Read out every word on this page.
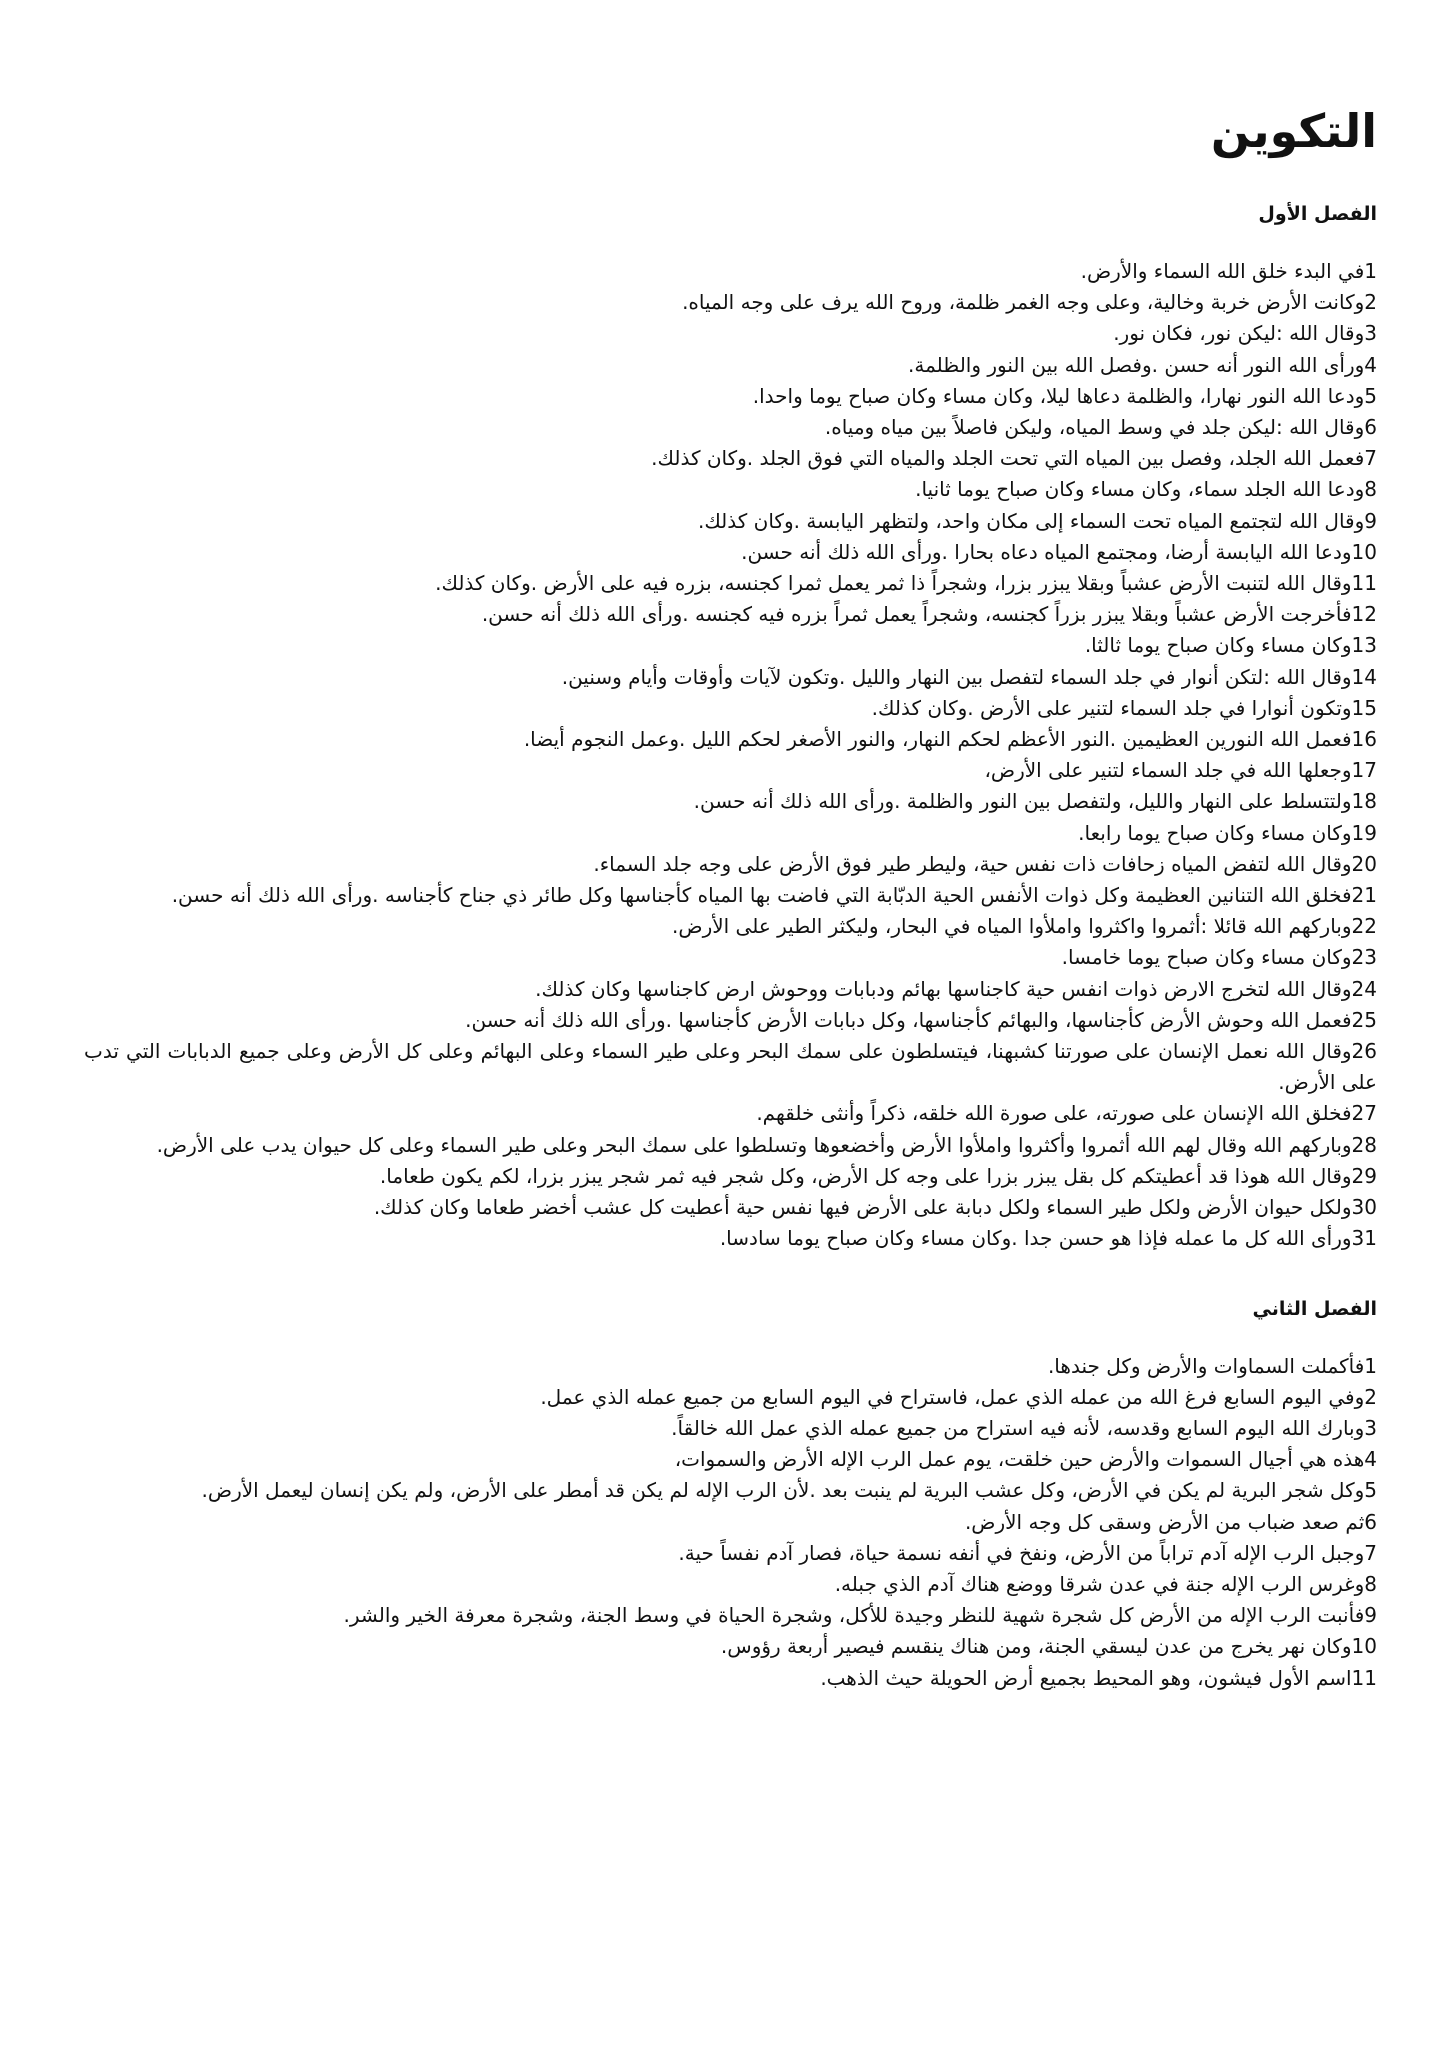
التكوين
الفصل الأول
1في البدء خلق الله السماء والأرض.
2وكانت الأرض خربة وخالية، وعلى وجه الغمر ظلمة، وروح الله يرف على وجه المياه.
3وقال الله :ليكن نور، فكان نور.
4ورأى الله النور أنه حسن .وفصل الله بين النور والظلمة.
5ودعا الله النور نهارا، والظلمة دعاها ليلا، وكان مساء وكان صباح يوما واحدا.
6وقال الله :ليكن جلد في وسط المياه، وليكن فاصلاً بين مياه ومياه.
7فعمل الله الجلد، وفصل بين المياه التي تحت الجلد والمياه التي فوق الجلد .وكان كذلك.
8ودعا الله الجلد سماء، وكان مساء وكان صباح يوما ثانيا.
9وقال الله لتجتمع المياه تحت السماء إلى مكان واحد، ولتظهر اليابسة .وكان كذلك.
10ودعا الله اليابسة أرضا، ومجتمع المياه دعاه بحارا .ورأى الله ذلك أنه حسن.
11وقال الله لتنبت الأرض عشباً وبقلا يبزر بزرا، وشجراً ذا ثمر يعمل ثمرا كجنسه، بزره فيه على الأرض .وكان كذلك.
12فأخرجت الأرض عشباً وبقلا يبزر بزراً كجنسه، وشجراً يعمل ثمراً بزره فيه كجنسه .ورأى الله ذلك أنه حسن.
13وكان مساء وكان صباح يوما ثالثا.
14وقال الله :لتكن أنوار في جلد السماء لتفصل بين النهار والليل .وتكون لآيات وأوقات وأيام وسنين.
15وتكون أنوارا في جلد السماء لتنير على الأرض .وكان كذلك.
16فعمل الله النورين العظيمين .النور الأعظم لحكم النهار، والنور الأصغر لحكم الليل .وعمل النجوم أيضا.
17وجعلها الله في جلد السماء لتنير على الأرض،
18ولتتسلط على النهار والليل، ولتفصل بين النور والظلمة .ورأى الله ذلك أنه حسن.
19وكان مساء وكان صباح يوما رابعا.
20وقال الله لتفض المياه زحافات ذات نفس حية، وليطر طير فوق الأرض على وجه جلد السماء.
21فخلق الله التنانين العظيمة وكل ذوات الأنفس الحية الدبّابة التي فاضت بها المياه كأجناسها وكل طائر ذي جناح كأجناسه .ورأى الله ذلك أنه حسن.
22وباركهم الله قائلا :أثمروا واكثروا واملأوا المياه في البحار، وليكثر الطير على الأرض.
23وكان مساء وكان صباح يوما خامسا.
24وقال الله لتخرج الارض ذوات انفس حية كاجناسها بهائم ودبابات ووحوش ارض كاجناسها وكان كذلك.
25فعمل الله وحوش الأرض كأجناسها، والبهائم كأجناسها، وكل دبابات الأرض كأجناسها .ورأى الله ذلك أنه حسن.
26وقال الله نعمل الإنسان على صورتنا كشبهنا، فيتسلطون على سمك البحر وعلى طير السماء وعلى البهائم وعلى كل الأرض وعلى جميع الدبابات التي تدب على الأرض.
27فخلق الله الإنسان على صورته، على صورة الله خلقه، ذكراً وأنثى خلقهم.
28وباركهم الله وقال لهم الله أثمروا وأكثروا واملأوا الأرض وأخضعوها وتسلطوا على سمك البحر وعلى طير السماء وعلى كل حيوان يدب على الأرض.
29وقال الله هوذا قد أعطيتكم كل بقل يبزر بزرا على وجه كل الأرض، وكل شجر فيه ثمر شجر يبزر بزرا، لكم يكون طعاما.
30ولكل حيوان الأرض ولكل طير السماء ولكل دبابة على الأرض فيها نفس حية أعطيت كل عشب أخضر طعاما وكان كذلك.
31ورأى الله كل ما عمله فإذا هو حسن جدا .وكان مساء وكان صباح يوما سادسا.
الفصل الثاني
1فأكملت السماوات والأرض وكل جندها.
2وفي اليوم السابع فرغ الله من عمله الذي عمل، فاستراح في اليوم السابع من جميع عمله الذي عمل.
3وبارك الله اليوم السابع وقدسه، لأنه فيه استراح من جميع عمله الذي عمل الله خالقاً.
4هذه هي أجيال السموات والأرض حين خلقت، يوم عمل الرب الإله الأرض والسموات،
5وكل شجر البرية لم يكن في الأرض، وكل عشب البرية لم ينبت بعد .لأن الرب الإله لم يكن قد أمطر على الأرض، ولم يكن إنسان ليعمل الأرض.
6ثم صعد ضباب من الأرض وسقى كل وجه الأرض.
7وجبل الرب الإله آدم تراباً من الأرض، ونفخ في أنفه نسمة حياة، فصار آدم نفساً حية.
8وغرس الرب الإله جنة في عدن شرقا ووضع هناك آدم الذي جبله.
9فأنبت الرب الإله من الأرض كل شجرة شهية للنظر وجيدة للأكل، وشجرة الحياة في وسط الجنة، وشجرة معرفة الخير والشر.
10وكان نهر يخرج من عدن ليسقي الجنة، ومن هناك ينقسم فيصير أربعة رؤوس.
11اسم الأول فيشون، وهو المحيط بجميع أرض الحويلة حيث الذهب.
